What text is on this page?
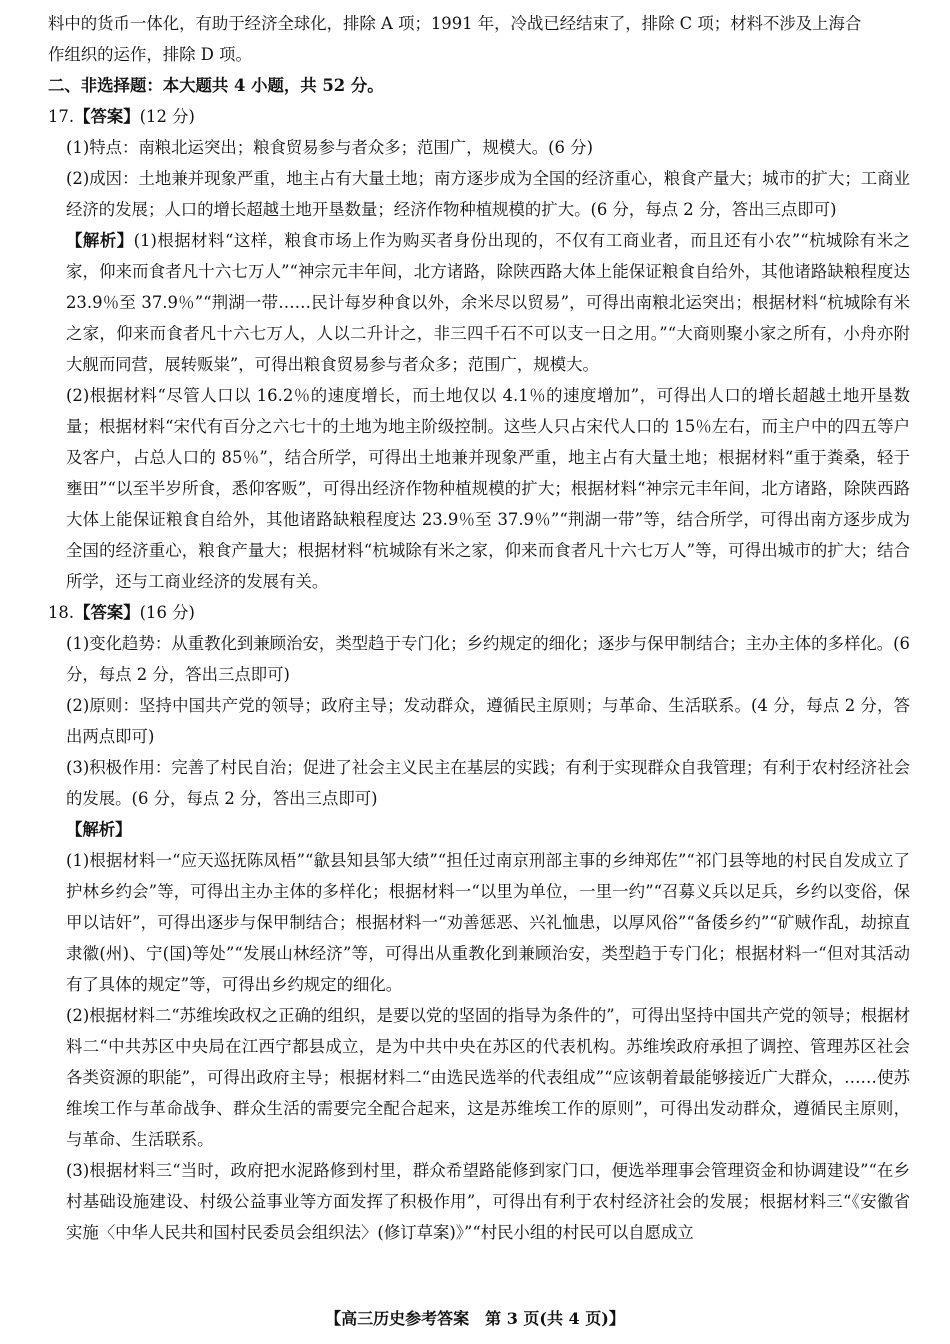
料中的货币一体化，有助于经济全球化，排除 A 项；1991 年，冷战已经结束了，排除 C 项；材料不涉及上海合

作组织的运作，排除 D 项。

二、非选择题：本大题共 4 小题，共 52 分。

17.【答案】(12 分)

(1)特点：南粮北运突出；粮食贸易参与者众多；范围广，规模大。(6 分)

(2)成因：土地兼并现象严重，地主占有大量土地；南方逐步成为全国的经济重心，粮食产量大；城市的扩大；工商业经济的发展；人口的增长超越土地开垦数量；经济作物种植规模的扩大。(6 分，每点 2 分，答出三点即可)

【解析】(1)根据材料“这样，粮食市场上作为购买者身份出现的，不仅有工商业者，而且还有小农”“杭城除有米之家，仰来而食者凡十六七万人”“神宗元丰年间，北方诸路，除陕西路大体上能保证粮食自给外，其他诸路缺粮程度达 23.9％至 37.9％”“荆湖一带……民计每岁种食以外，余米尽以贸易”，可得出南粮北运突出；根据材料“杭城除有米之家，仰来而食者凡十六七万人，人以二升计之，非三四千石不可以支一日之用。”“大商则聚小家之所有，小舟亦附大舰而同营，展转贩粜”，可得出粮食贸易参与者众多；范围广，规模大。

(2)根据材料“尽管人口以 16.2％的速度增长，而土地仅以 4.1％的速度增加”，可得出人口的增长超越土地开垦数量；根据材料“宋代有百分之六七十的土地为地主阶级控制。这些人只占宋代人口的 15％左右，而主户中的四五等户及客户，占总人口的 85％”，结合所学，可得出土地兼并现象严重，地主占有大量土地；根据材料“重于粪桑，轻于壅田”“以至半岁所食，悉仰客贩”，可得出经济作物种植规模的扩大；根据材料“神宗元丰年间，北方诸路，除陕西路大体上能保证粮食自给外，其他诸路缺粮程度达 23.9％至 37.9％”“荆湖一带”等，结合所学，可得出南方逐步成为全国的经济重心，粮食产量大；根据材料“杭城除有米之家，仰来而食者凡十六七万人”等，可得出城市的扩大；结合所学，还与工商业经济的发展有关。

18.【答案】(16 分)

(1)变化趋势：从重教化到兼顾治安，类型趋于专门化；乡约规定的细化；逐步与保甲制结合；主办主体的多样化。(6 分，每点 2 分，答出三点即可)

(2)原则：坚持中国共产党的领导；政府主导；发动群众，遵循民主原则；与革命、生活联系。(4 分，每点 2 分，答出两点即可)

(3)积极作用：完善了村民自治；促进了社会主义民主在基层的实践；有利于实现群众自我管理；有利于农村经济社会的发展。(6 分，每点 2 分，答出三点即可)

【解析】

(1)根据材料一“应天巡抚陈凤梧”“歙县知县邹大绩”“担任过南京刑部主事的乡绅郑佐”“祁门县等地的村民自发成立了护林乡约会”等，可得出主办主体的多样化；根据材料一“以里为单位，一里一约”“召募义兵以足兵，乡约以变俗，保甲以诘奸”，可得出逐步与保甲制结合；根据材料一“劝善惩恶、兴礼恤患，以厚风俗”“备倭乡约”“矿贼作乱，劫掠直隶徽(州)、宁(国)等处”“发展山林经济”等，可得出从重教化到兼顾治安，类型趋于专门化；根据材料一“但对其活动有了具体的规定”等，可得出乡约规定的细化。

(2)根据材料二“苏维埃政权之正确的组织，是要以党的坚固的指导为条件的”，可得出坚持中国共产党的领导；根据材料二“中共苏区中央局在江西宁都县成立，是为中共中央在苏区的代表机构。苏维埃政府承担了调控、管理苏区社会各类资源的职能”，可得出政府主导；根据材料二“由选民选举的代表组成”“应该朝着最能够接近广大群众，……使苏维埃工作与革命战争、群众生活的需要完全配合起来，这是苏维埃工作的原则”，可得出发动群众，遵循民主原则，与革命、生活联系。

(3)根据材料三“当时，政府把水泥路修到村里，群众希望路能修到家门口，便选举理事会管理资金和协调建设”“在乡村基础设施建设、村级公益事业等方面发挥了积极作用”，可得出有利于农村经济社会的发展；根据材料三“《安徽省实施〈中华人民共和国村民委员会组织法〉(修订草案)》”“村民小组的村民可以自愿成立

【高三历史参考答案　第 3 页(共 4 页)】
